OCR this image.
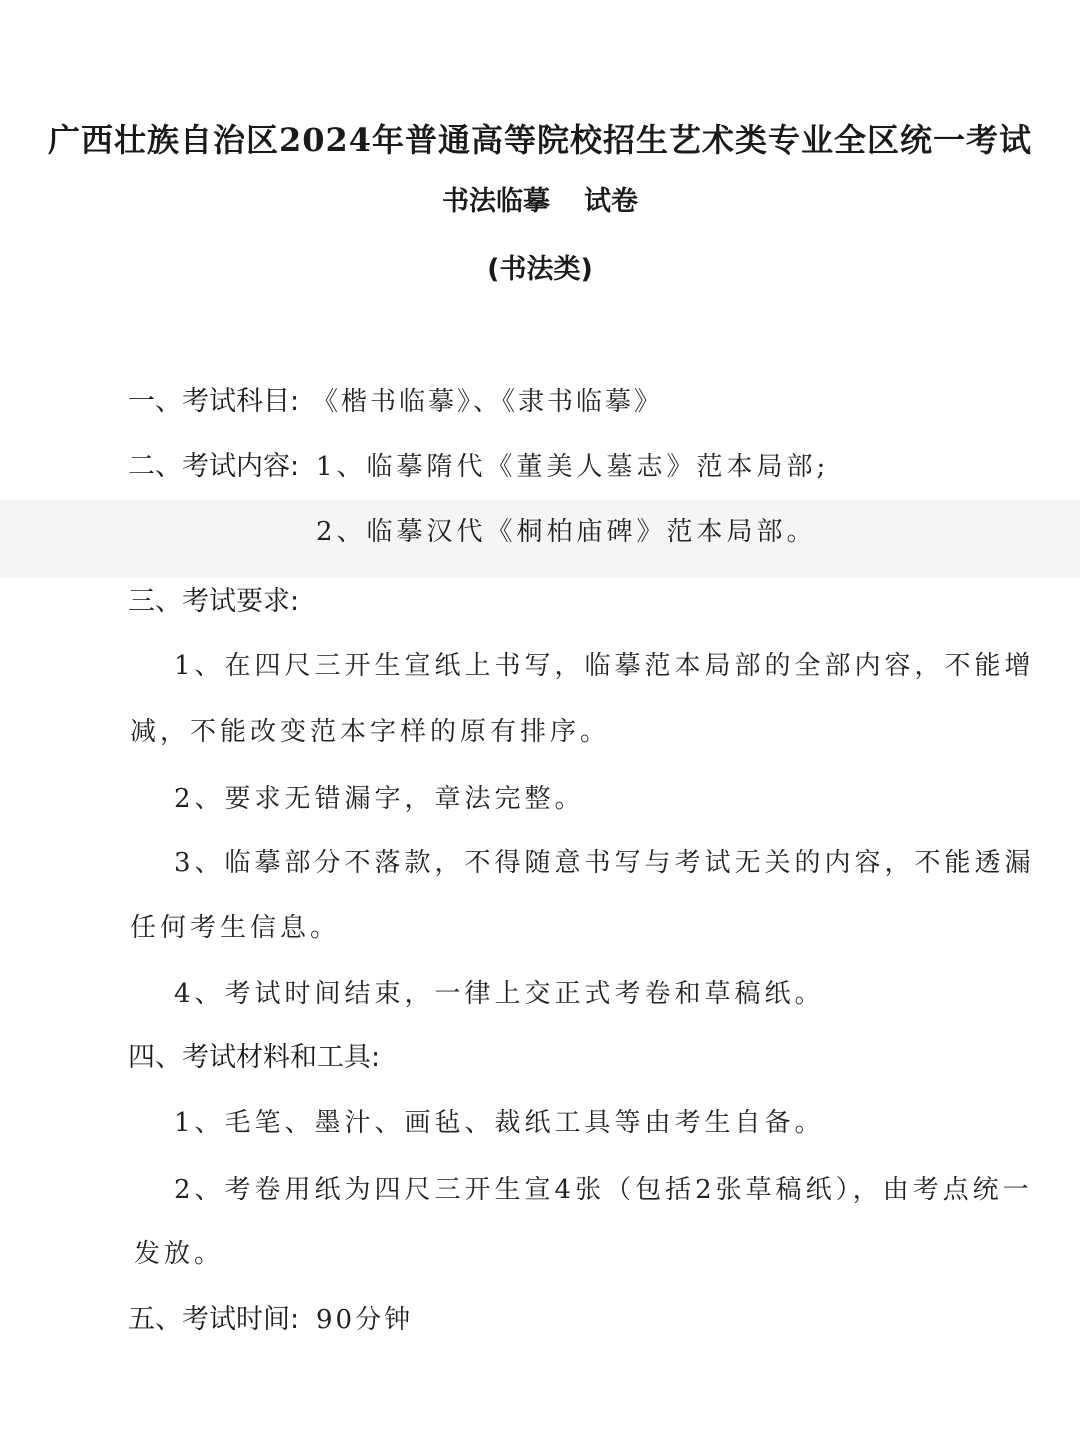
广西壮族自治区2024年普通高等院校招生艺术类专业全区统一考试
书法临摹 试卷
(书法类)
一、考试科目: 《楷书临摹》、《隶书临摹》
二、考试内容: 1、临摹隋代《董美人墓志》范本局部;
2、临摹汉代《桐柏庙碑》范本局部。
三、考试要求:
1、在四尺三开生宣纸上书写，临摹范本局部的全部内容，不能增
减，不能改变范本字样的原有排序。
2、要求无错漏字，章法完整。
3、临摹部分不落款，不得随意书写与考试无关的内容，不能透漏
任何考生信息。
4、考试时间结束，一律上交正式考卷和草稿纸。
四、考试材料和工具:
1、毛笔、墨汁、画毡、裁纸工具等由考生自备。
2、考卷用纸为四尺三开生宣4张（包括2张草稿纸），由考点统一
发放。
五、考试时间: 90分钟
